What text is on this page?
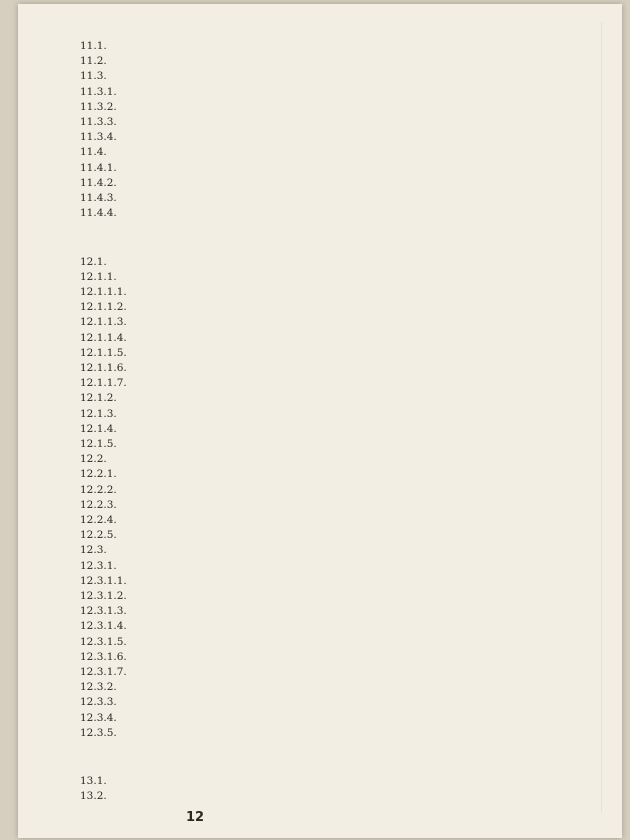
11.1.
11.2.
11.3.
11.3.1.
11.3.2.
11.3.3.
11.3.4.
11.4.
11.4.1.
11.4.2.
11.4.3.
11.4.4.
12.1.
12.1.1.
12.1.1.1.
12.1.1.2.
12.1.1.3.
12.1.1.4.
12.1.1.5.
12.1.1.6.
12.1.1.7.
12.1.2.
12.1.3.
12.1.4.
12.1.5.
12.2.
12.2.1.
12.2.2.
12.2.3.
12.2.4.
12.2.5.
12.3.
12.3.1.
12.3.1.1.
12.3.1.2.
12.3.1.3.
12.3.1.4.
12.3.1.5.
12.3.1.6.
12.3.1.7.
12.3.2.
12.3.3.
12.3.4.
12.3.5.
13.1.
13.2.
12
